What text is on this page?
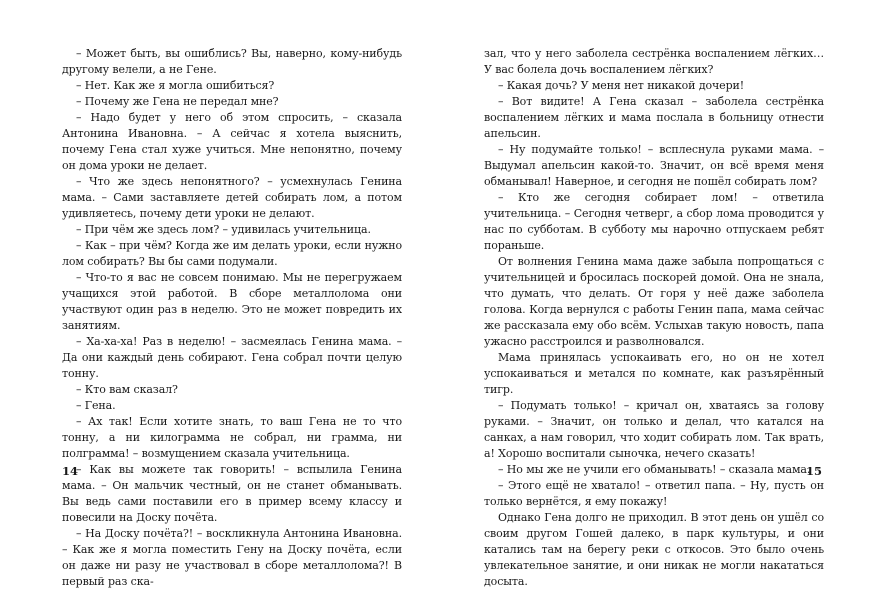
– Может быть, вы ошиблись? Вы, наверно, кому-нибудь другому велели, а не Гене.

– Нет. Как же я могла ошибиться?

– Почему же Гена не передал мне?

– Надо будет у него об этом спросить, – сказала Антонина Ивановна. – А сейчас я хотела выяснить, почему Гена стал хуже учиться. Мне непонятно, почему он дома уроки не делает.

– Что же здесь непонятного? – усмехнулась Генина мама. – Сами заставляете детей собирать лом, а потом удивляетесь, почему дети уроки не делают.

– При чём же здесь лом? – удивилась учительница.

– Как – при чём? Когда же им делать уроки, если нужно лом собирать? Вы бы сами подумали.

– Что-то я вас не совсем понимаю. Мы не перегружаем учащихся этой работой. В сборе металлолома они участвуют один раз в неделю. Это не может повредить их занятиям.

– Ха-ха-ха! Раз в неделю! – засмеялась Генина мама. – Да они каждый день собирают. Гена собрал почти целую тонну.

– Кто вам сказал?

– Гена.

– Ах так! Если хотите знать, то ваш Гена не то что тонну, а ни килограмма не собрал, ни грамма, ни полграмма! – возмущением сказала учительница.

– Как вы можете так говорить! – вспылила Генина мама. – Он мальчик честный, он не станет обманывать. Вы ведь сами поставили его в пример всему классу и повесили на Доску почёта.

– На Доску почёта?! – воскликнула Антонина Ивановна. – Как же я могла поместить Гену на Доску почёта, если он даже ни разу не участвовал в сборе металлолома?! В первый раз ска-

зал, что у него заболела сестрёнка воспалением лёгких… У вас болела дочь воспалением лёгких?

– Какая дочь? У меня нет никакой дочери!

– Вот видите! А Гена сказал – заболела сестрёнка воспалением лёгких и мама послала в больницу отнести апельсин.

– Ну подумайте только! – всплеснула руками мама. – Выдумал апельсин какой-то. Значит, он всё время меня обманывал! Наверное, и сегодня не пошёл собирать лом?

– Кто же сегодня собирает лом! – ответила учительница. – Сегодня четверг, а сбор лома проводится у нас по субботам. В субботу мы нарочно отпускаем ребят пораньше.

От волнения Генина мама даже забыла попрощаться с учительницей и бросилась поскорей домой. Она не знала, что думать, что делать. От горя у неё даже заболела голова. Когда вернулся с работы Генин папа, мама сейчас же рассказала ему обо всём. Услыхав такую новость, папа ужасно расстроился и разволновался.

Мама принялась успокаивать его, но он не хотел успокаиваться и метался по комнате, как разъярённый тигр.

– Подумать только! – кричал он, хватаясь за голову руками. – Значит, он только и делал, что катался на санках, а нам говорил, что ходит собирать лом. Так врать, а! Хорошо воспитали сыночка, нечего сказать!

– Но мы же не учили его обманывать! – сказала мама.

– Этого ещё не хватало! – ответил папа. – Ну, пусть он только вернётся, я ему покажу!

Однако Гена долго не приходил. В этот день он ушёл со своим другом Гошей далеко, в парк культуры, и они катались там на берегу реки с откосов. Это было очень увлекательное занятие, и они никак не могли накататься досыта.

14	15
